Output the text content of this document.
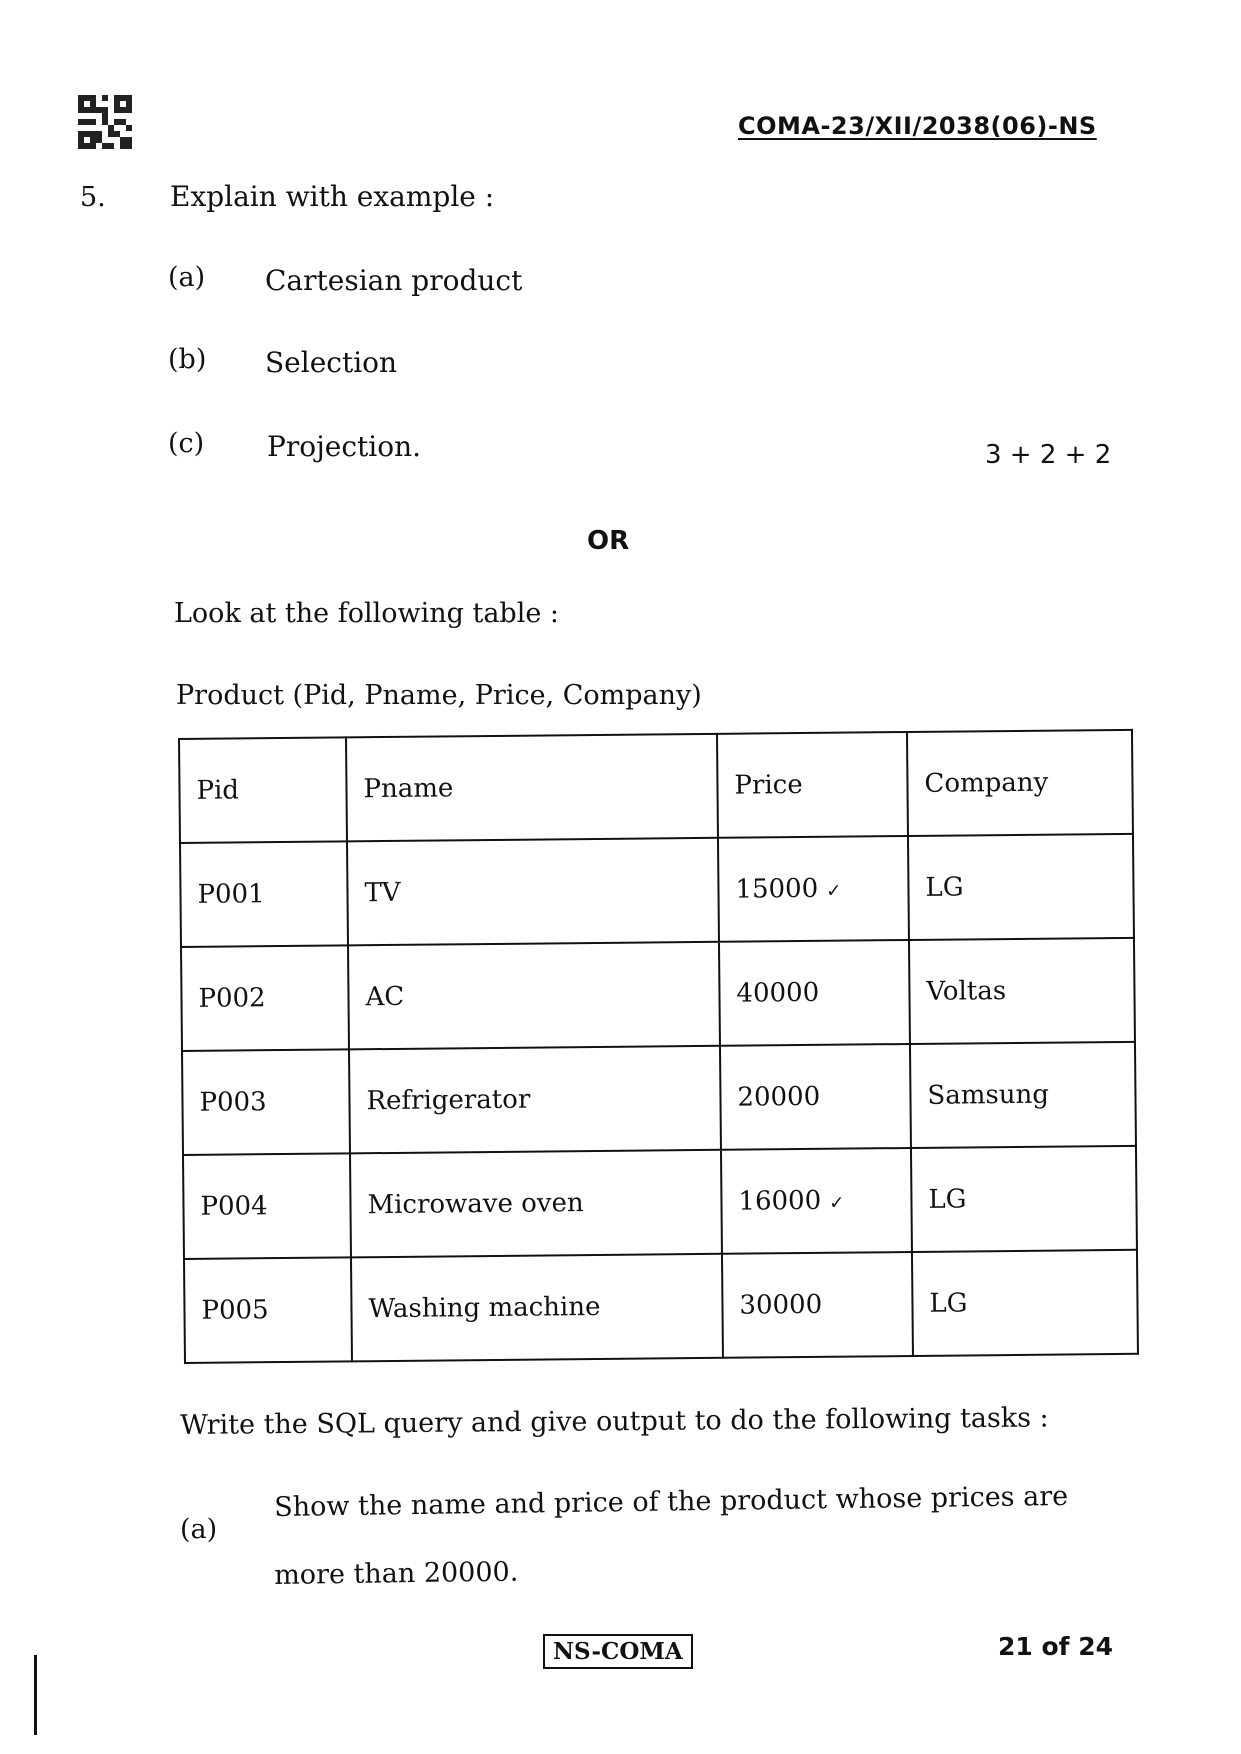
COMA-23/XII/2038(06)-NS
5. Explain with example :
(a) Cartesian product
(b) Selection
(c) Projection.	3 + 2 + 2
OR
Look at the following table :
Product (Pid, Pname, Price, Company)
Pid	Pname	Price	Company
P001	TV	15000 ✓	LG
P002	AC	40000	Voltas
P003	Refrigerator	20000	Samsung
P004	Microwave oven	16000 ✓	LG
P005	Washing machine	30000	LG
Write the SQL query and give output to do the following tasks :
(a)
Show the name and price of the product whose prices are
more than 20000.
NS-COMA	21 of 24
